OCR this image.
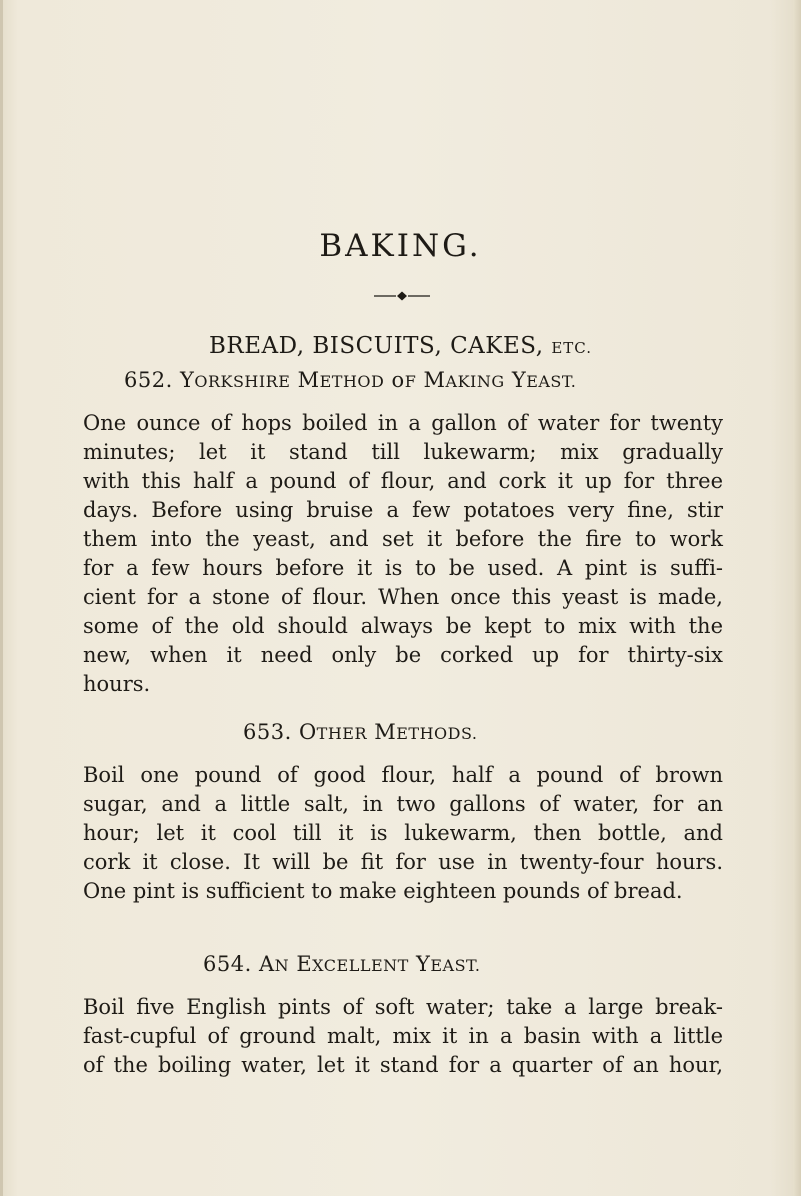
BAKING.
BREAD, BISCUITS, CAKES, ETC.
652. YORKSHIRE METHOD oF MAKING YEAST.
One ounce of hops boiled in a gallon of water for twenty
minutes; let it stand till lukewarm; mix gradually
with this half a pound of flour, and cork it up for three
days. Before using bruise a few potatoes very fine, stir
them into the yeast, and set it before the fire to work
for a few hours before it is to be used. A pint is suffi-
cient for a stone of flour. When once this yeast is made,
some of the old should always be kept to mix with the
new, when it need only be corked up for thirty-six
hours.
653. OTHER METHODS.
Boil one pound of good flour, half a pound of brown
sugar, and a little salt, in two gallons of water, for an
hour; let it cool till it is lukewarm, then bottle, and
cork it close. It will be fit for use in twenty-four hours.
One pint is sufficient to make eighteen pounds of bread.
654. AN EXCELLENT YEAST.
Boil five English pints of soft water; take a large break-
fast-cupful of ground malt, mix it in a basin with a little
of the boiling water, let it stand for a quarter of an hour,
